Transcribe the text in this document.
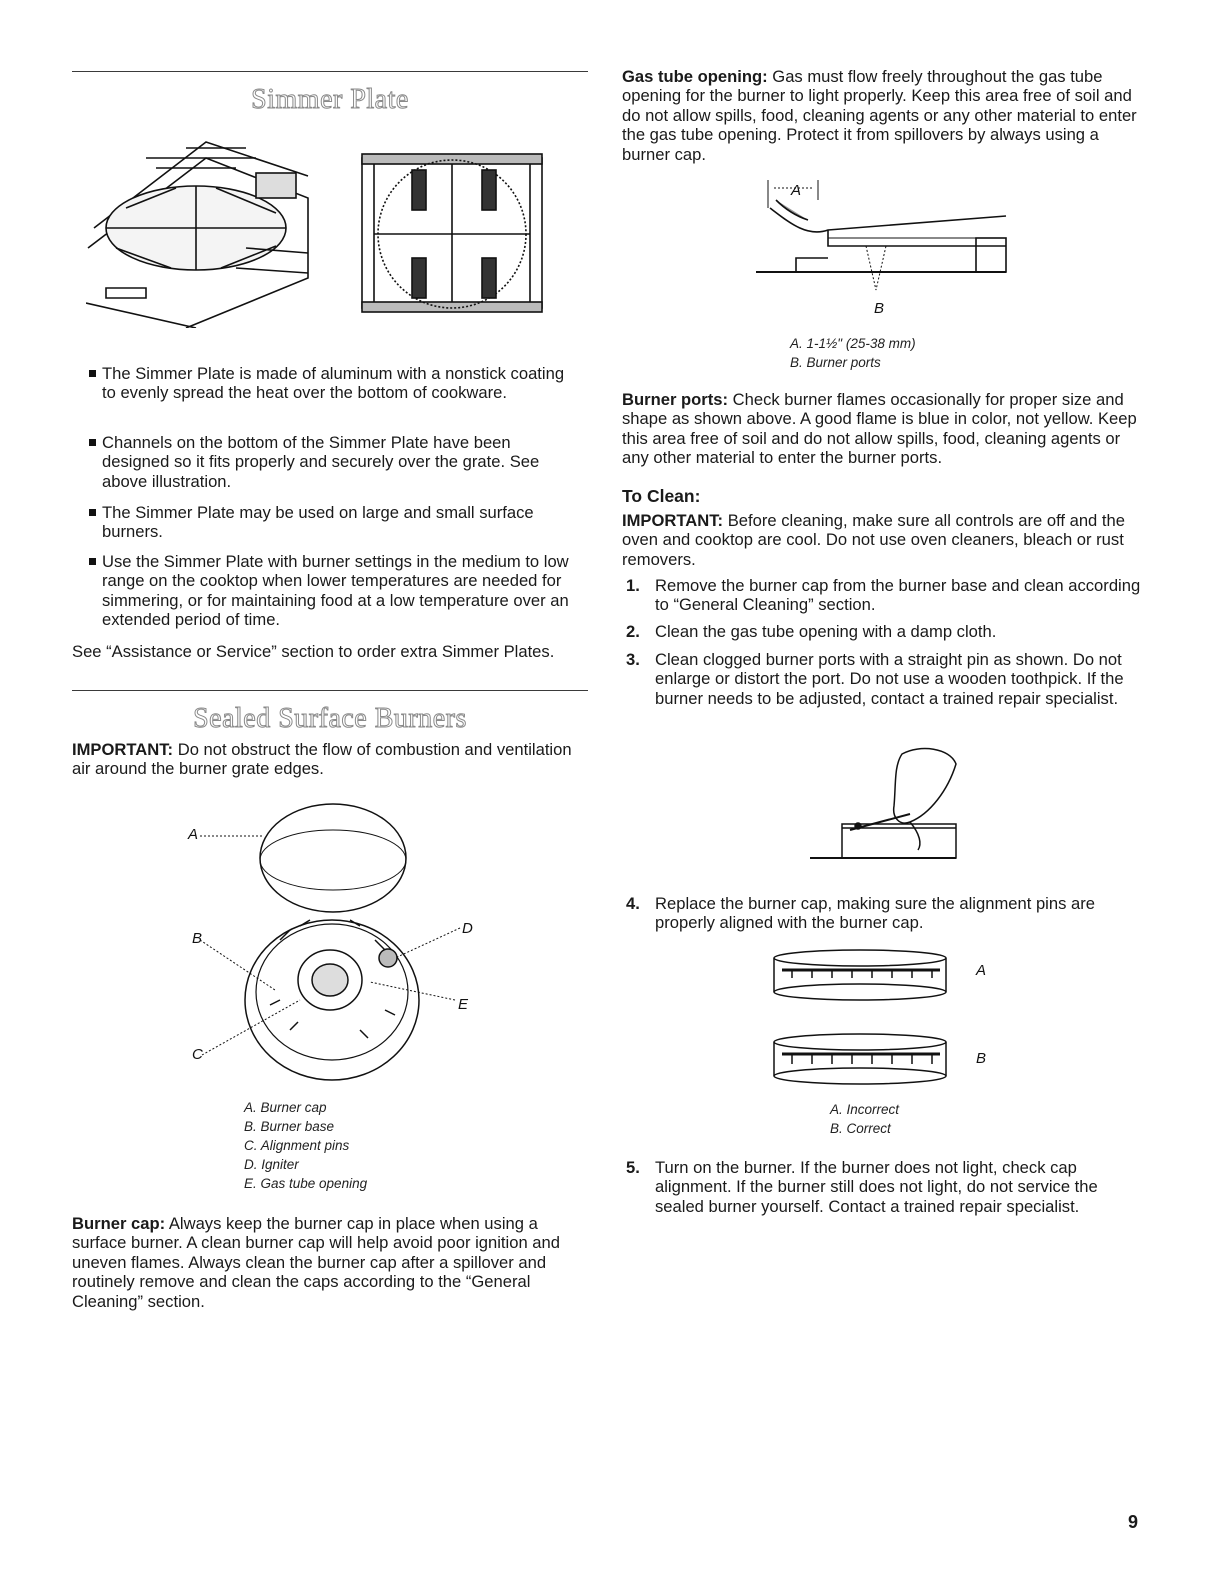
Simmer Plate
The Simmer Plate is made of aluminum with a nonstick coating to evenly spread the heat over the bottom of cookware.
Channels on the bottom of the Simmer Plate have been designed so it fits properly and securely over the grate. See above illustration.
The Simmer Plate may be used on large and small surface burners.
Use the Simmer Plate with burner settings in the medium to low range on the cooktop when lower temperatures are needed for simmering, or for maintaining food at a low temperature over an extended period of time.

See “Assistance or Service” section to order extra Simmer Plates.

Sealed Surface Burners

IMPORTANT: Do not obstruct the flow of combustion and ventilation air around the burner grate edges.

A
B
C
D
E
A. Burner cap
B. Burner base
C. Alignment pins
D. Igniter
E. Gas tube opening

Burner cap: Always keep the burner cap in place when using a surface burner. A clean burner cap will help avoid poor ignition and uneven flames. Always clean the burner cap after a spillover and routinely remove and clean the caps according to the “General Cleaning” section.

Gas tube opening: Gas must flow freely throughout the gas tube opening for the burner to light properly. Keep this area free of soil and do not allow spills, food, cleaning agents or any other material to enter the gas tube opening. Protect it from spillovers by always using a burner cap.

A
B
A. 1-1½" (25-38 mm)
B. Burner ports

Burner ports: Check burner flames occasionally for proper size and shape as shown above. A good flame is blue in color, not yellow. Keep this area free of soil and do not allow spills, food, cleaning agents or any other material to enter the burner ports.

To Clean:

IMPORTANT: Before cleaning, make sure all controls are off and the oven and cooktop are cool. Do not use oven cleaners, bleach or rust removers.

1. Remove the burner cap from the burner base and clean according to “General Cleaning” section.
2. Clean the gas tube opening with a damp cloth.
3. Clean clogged burner ports with a straight pin as shown. Do not enlarge or distort the port. Do not use a wooden toothpick. If the burner needs to be adjusted, contact a trained repair specialist.
4. Replace the burner cap, making sure the alignment pins are properly aligned with the burner cap.
A
B
A. Incorrect
B. Correct
5. Turn on the burner. If the burner does not light, check cap alignment. If the burner still does not light, do not service the sealed burner yourself. Contact a trained repair specialist.
9
